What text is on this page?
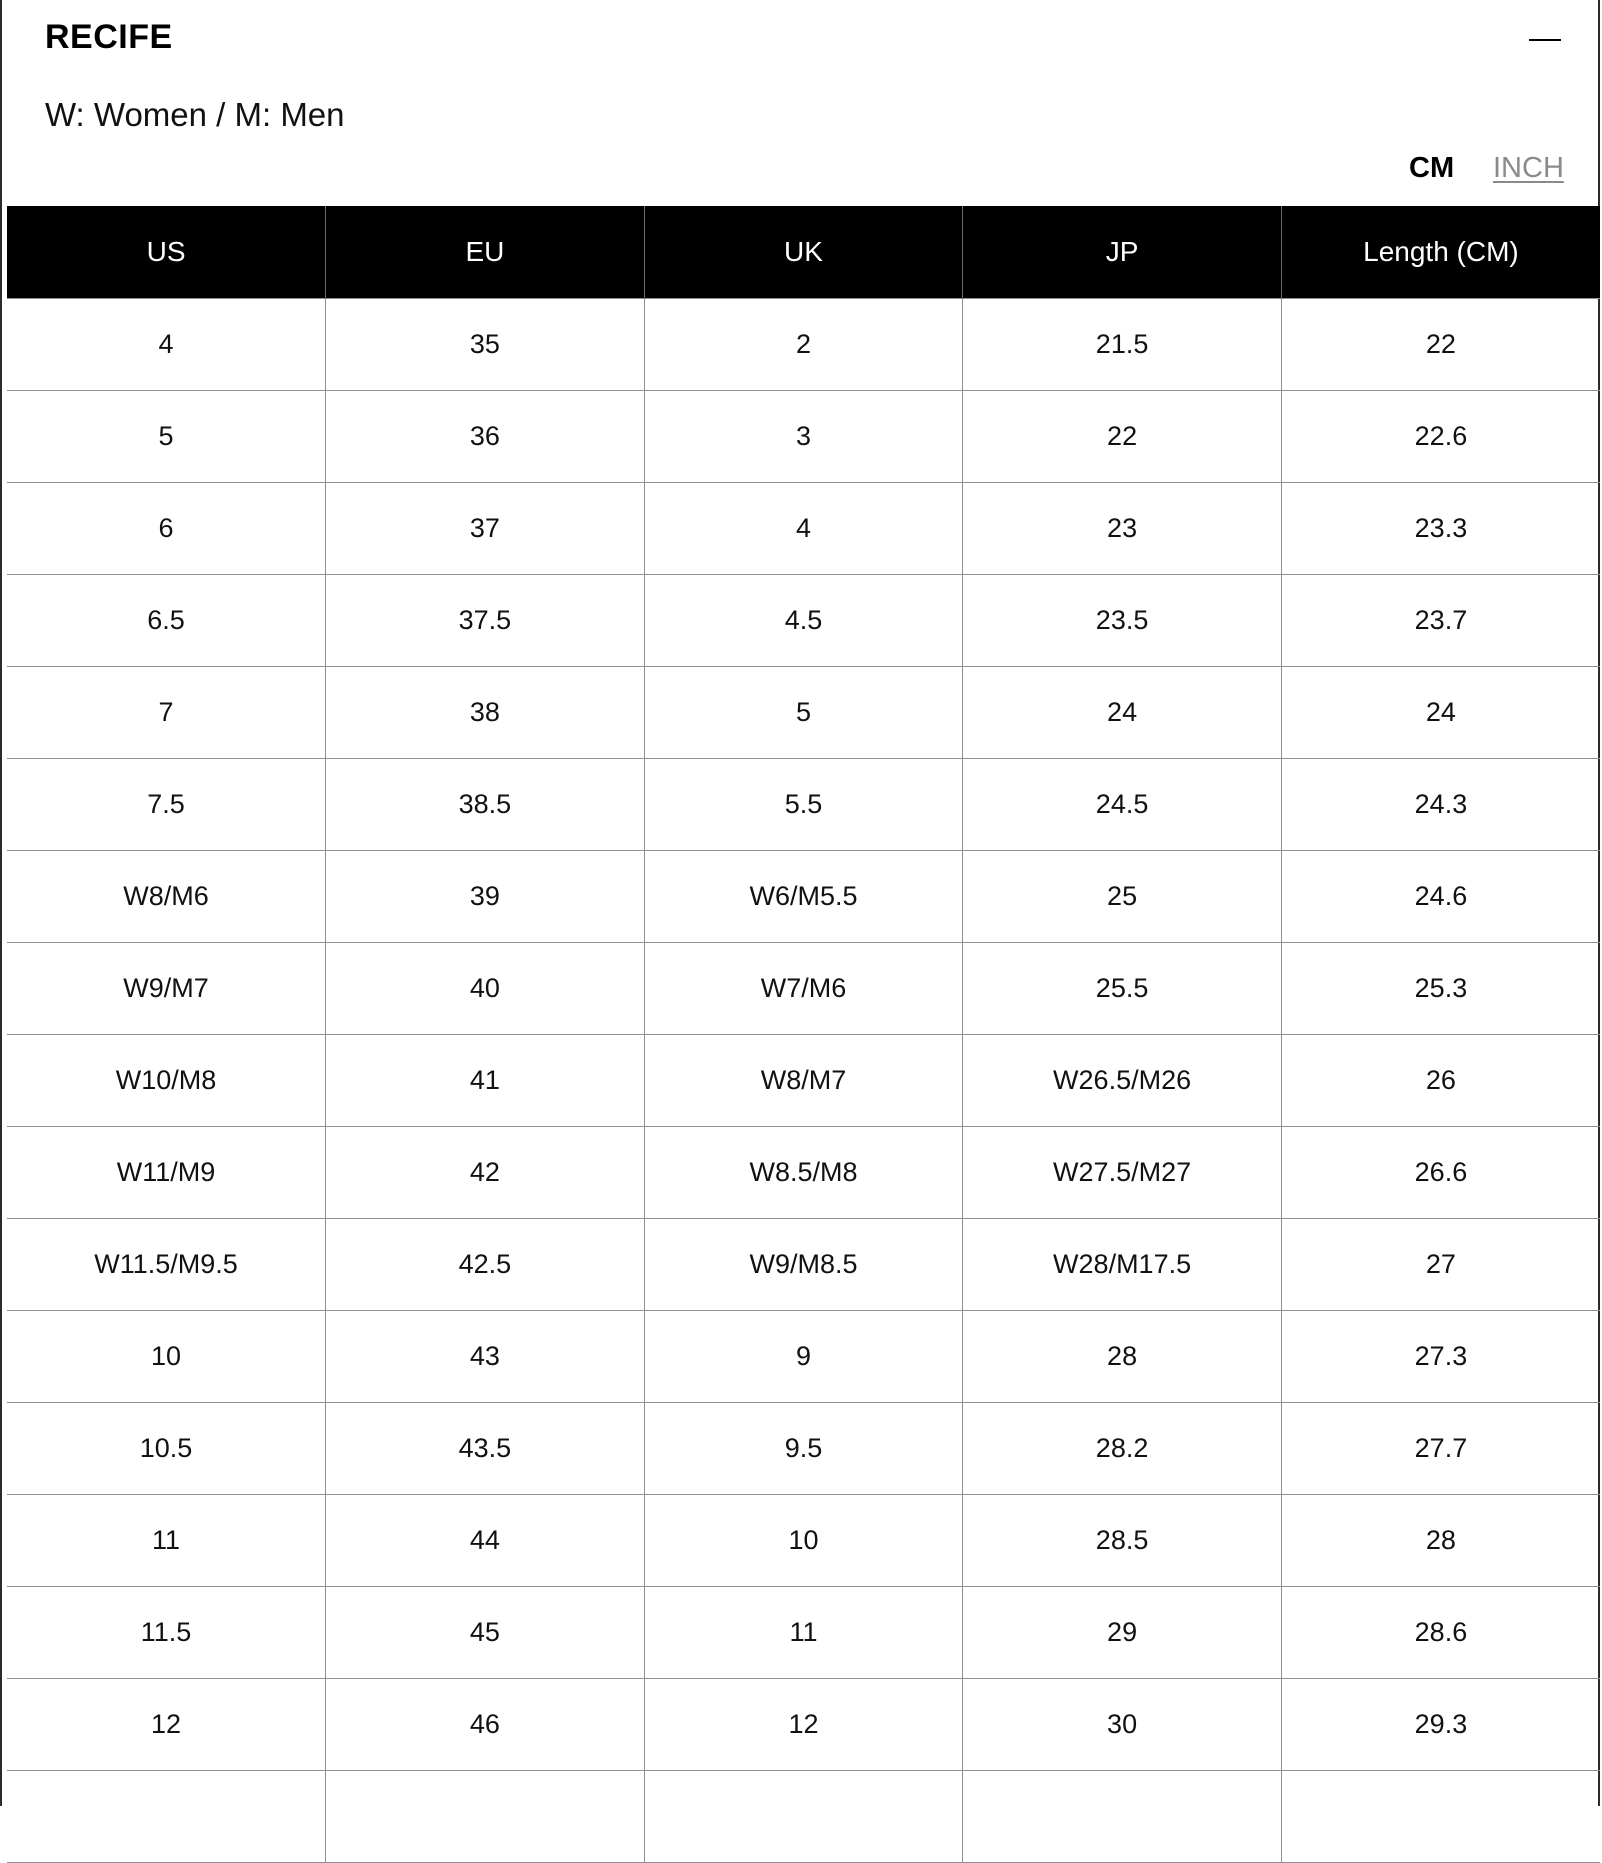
RECIFE
W: Women / M: Men
CM INCH
US	EU	UK	JP	Length (CM)
4	35	2	21.5	22
5	36	3	22	22.6
6	37	4	23	23.3
6.5	37.5	4.5	23.5	23.7
7	38	5	24	24
7.5	38.5	5.5	24.5	24.3
W8/M6	39	W6/M5.5	25	24.6
W9/M7	40	W7/M6	25.5	25.3
W10/M8	41	W8/M7	W26.5/M26	26
W11/M9	42	W8.5/M8	W27.5/M27	26.6
W11.5/M9.5	42.5	W9/M8.5	W28/M17.5	27
10	43	9	28	27.3
10.5	43.5	9.5	28.2	27.7
11	44	10	28.5	28
11.5	45	11	29	28.6
12	46	12	30	29.3
